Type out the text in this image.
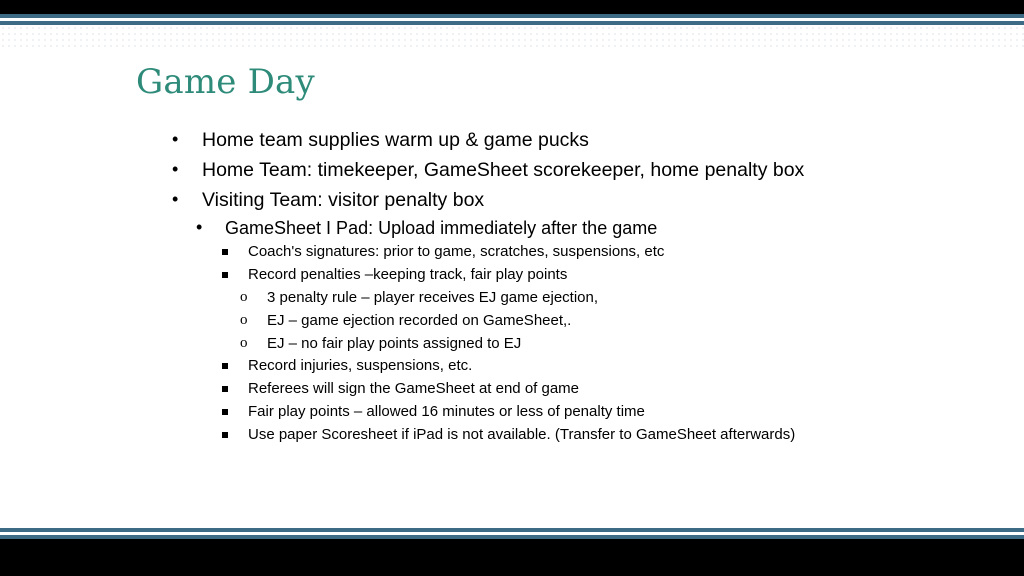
Game Day
• Home team supplies warm up & game pucks
• Home Team: timekeeper, GameSheet scorekeeper, home penalty box
• Visiting Team: visitor penalty box
• GameSheet I Pad: Upload immediately after the game
Coach's signatures: prior to game, scratches, suspensions, etc
Record penalties –keeping track, fair play points
o 3 penalty rule – player receives EJ game ejection,
o EJ – game ejection recorded on GameSheet,.
o EJ – no fair play points assigned to EJ
Record injuries, suspensions, etc.
Referees will sign the GameSheet at end of game
Fair play points – allowed 16 minutes or less of penalty time
Use paper Scoresheet if iPad is not available. (Transfer to GameSheet afterwards)
